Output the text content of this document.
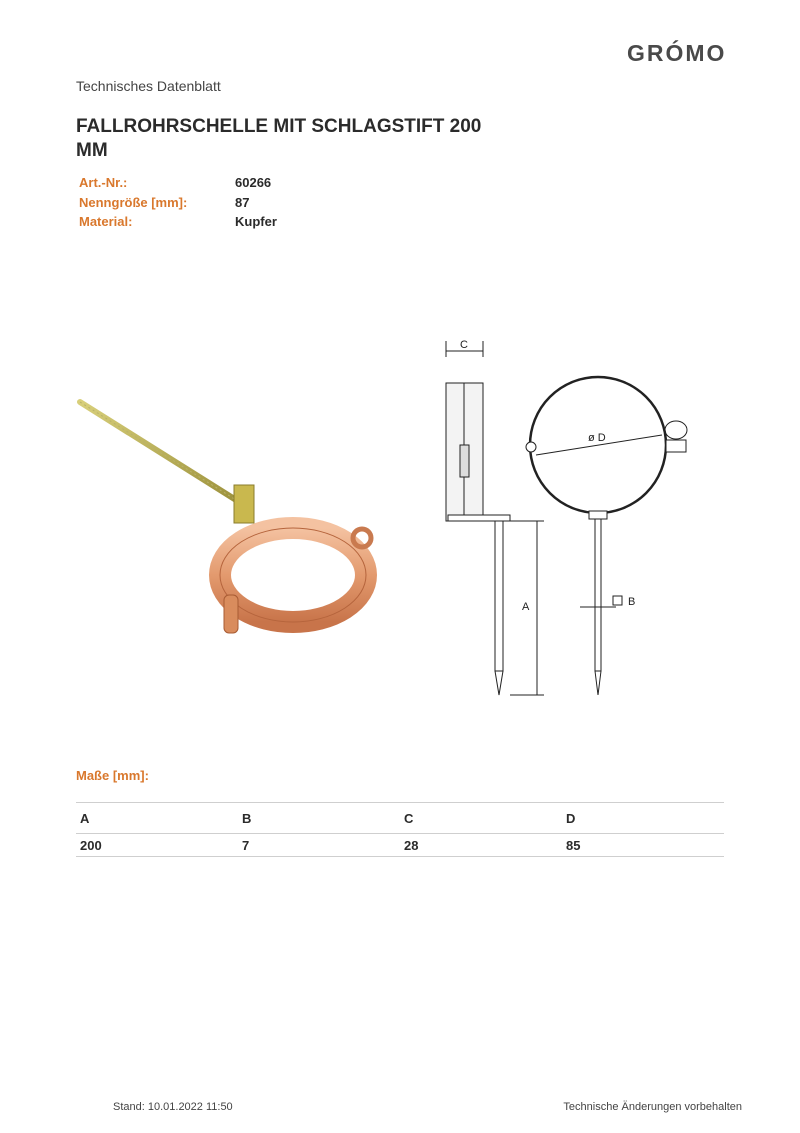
GRÓMO
Technisches Datenblatt
FALLROHRSCHELLE MIT SCHLAGSTIFT 200 MM
Art.-Nr.:	60266
Nenngröße [mm]:	87
Material:	Kupfer
C
A
ø D
B
Maße [mm]:
A	B	C	D
200	7	28	85
Stand: 10.01.2022 11:50	Technische Änderungen vorbehalten
